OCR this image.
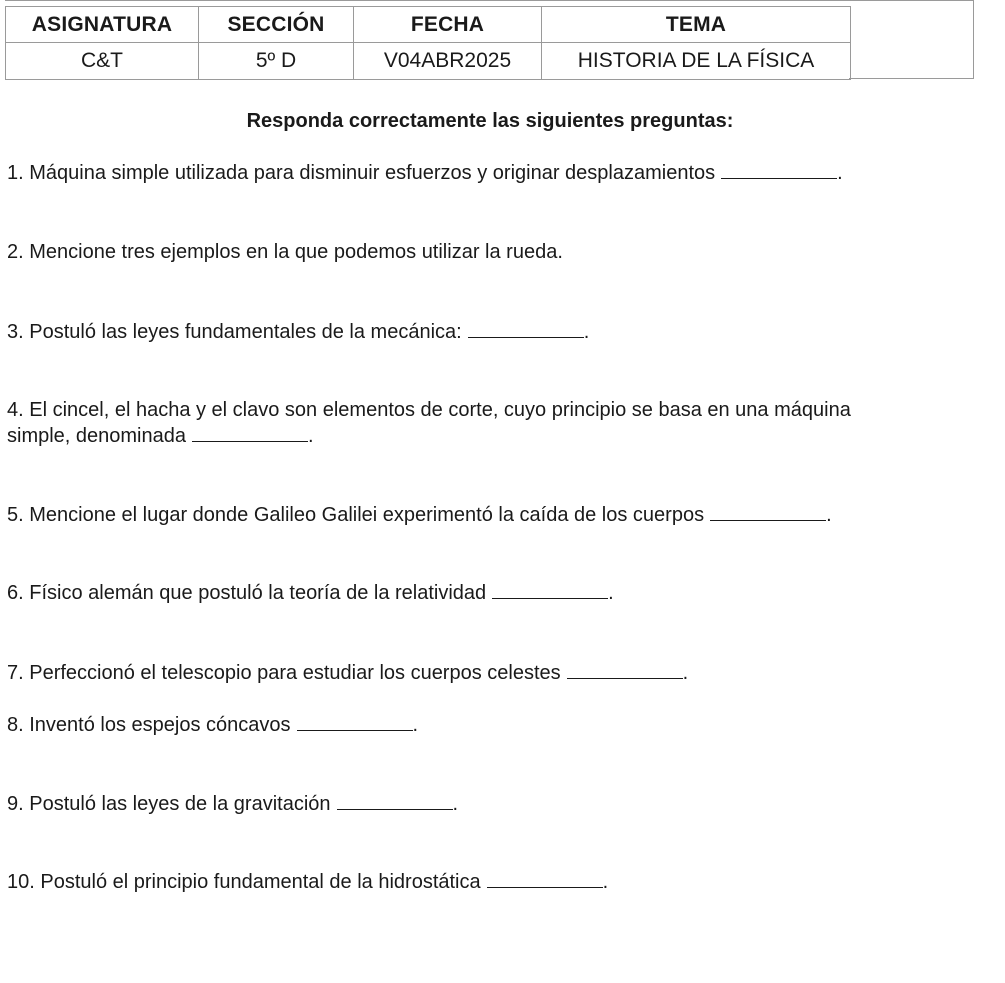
ASIGNATURA	SECCIÓN	FECHA	TEMA
C&T	5º D	V04ABR2025	HISTORIA DE LA FÍSICA
Responda correctamente las siguientes preguntas:
1. Máquina simple utilizada para disminuir esfuerzos y originar desplazamientos	.
2. Mencione tres ejemplos en la que podemos utilizar la rueda.
3. Postuló las leyes fundamentales de la mecánica:	.
4. El cincel, el hacha y el clavo son elementos de corte, cuyo principio se basa en una máquina
simple, denominada	.
5. Mencione el lugar donde Galileo Galilei experimentó la caída de los cuerpos	.
6. Físico alemán que postuló la teoría de la relatividad	.
7. Perfeccionó el telescopio para estudiar los cuerpos celestes	.
8. Inventó los espejos cóncavos	.
9. Postuló las leyes de la gravitación	.
10. Postuló el principio fundamental de la hidrostática	.
